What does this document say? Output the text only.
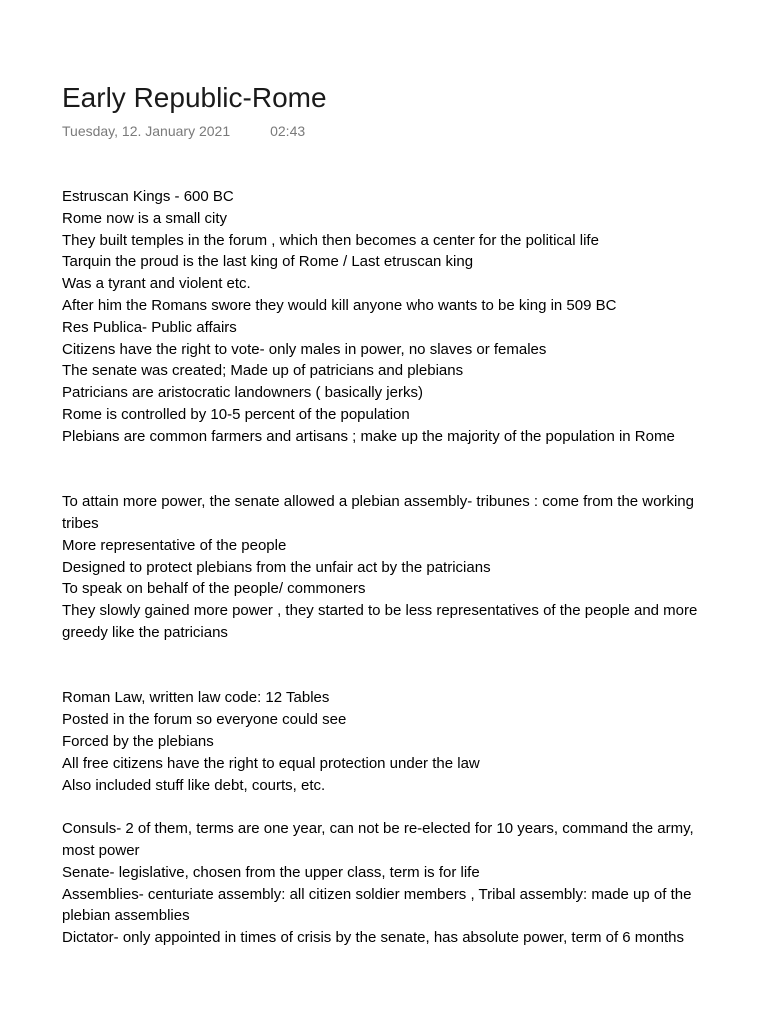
Early Republic-Rome
Tuesday, 12. January 2021	02:43
Estruscan Kings - 600 BC
Rome now is a small city
They built temples in the forum , which then becomes a center for the political life
Tarquin the proud is the last king of Rome / Last etruscan king
Was a tyrant and violent etc.
After him the Romans swore they would kill anyone who wants to be king in 509 BC
Res Publica- Public affairs
Citizens have the right to vote- only males in power, no slaves or females
The senate was created; Made up of patricians and plebians
Patricians are aristocratic landowners ( basically jerks)
Rome is controlled by 10-5 percent of the population
Plebians are common farmers and artisans ; make up the majority of the population in Rome
To attain more power, the senate allowed a plebian assembly- tribunes : come from the working
tribes
More representative of the people
Designed to protect plebians from the unfair act by the patricians
To speak on behalf of the people/ commoners
They slowly gained more power , they started to be less representatives of the people and more
greedy like the patricians
Roman Law, written law code: 12 Tables
Posted in the forum so everyone could see
Forced by the plebians
All free citizens have the right to equal protection under the law
Also included stuff like debt, courts, etc.
Consuls- 2 of them, terms are one year, can not be re-elected for 10 years, command the army,
most power
Senate- legislative, chosen from the upper class, term is for life
Assemblies- centuriate assembly: all citizen soldier members , Tribal assembly: made up of the
plebian assemblies
Dictator- only appointed in times of crisis by the senate, has absolute power, term of 6 months
